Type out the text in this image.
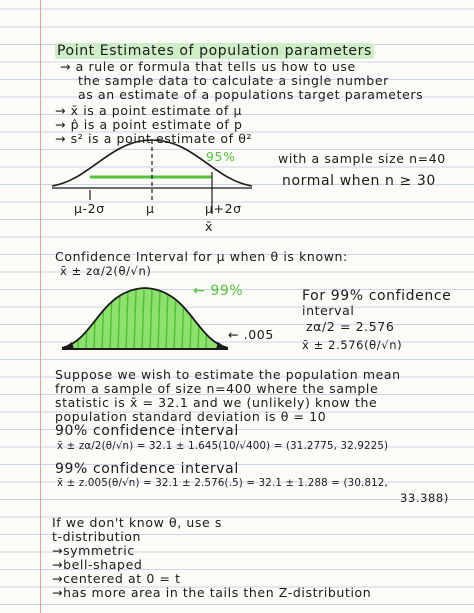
Point Estimates of population parameters
→ a rule or formula that tells us how to use
the sample data to calculate a single number
as an estimate of a populations target parameters
→ x̄ is a point estimate of μ
→ p̂ is a point estimate of p
→ s² is a point estimate of θ²
95%
μ-2σ	μ	μ+2σ
x̄
with a sample size n=40
normal when n ≥ 30
Confidence Interval for μ when θ is known:
x̄ ± zα/2(θ/√n)
← 99%
← .005
For 99% confidence
interval
zα/2 = 2.576
x̄ ± 2.576(θ/√n)
Suppose we wish to estimate the population mean
from a sample of size n=400 where the sample
statistic is x̄ = 32.1 and we (unlikely) know the
population standard deviation is θ = 10
90% confidence interval
x̄ ± zα/2(θ/√n) = 32.1 ± 1.645(10/√400) = (31.2775, 32.9225)
99% confidence interval
x̄ ± z.005(θ/√n) = 32.1 ± 2.576(.5) = 32.1 ± 1.288 = (30.812,
33.388)
If we don't know θ, use s
t-distribution
→symmetric
→bell-shaped
→centered at 0 = t
→has more area in the tails then Z-distribution
